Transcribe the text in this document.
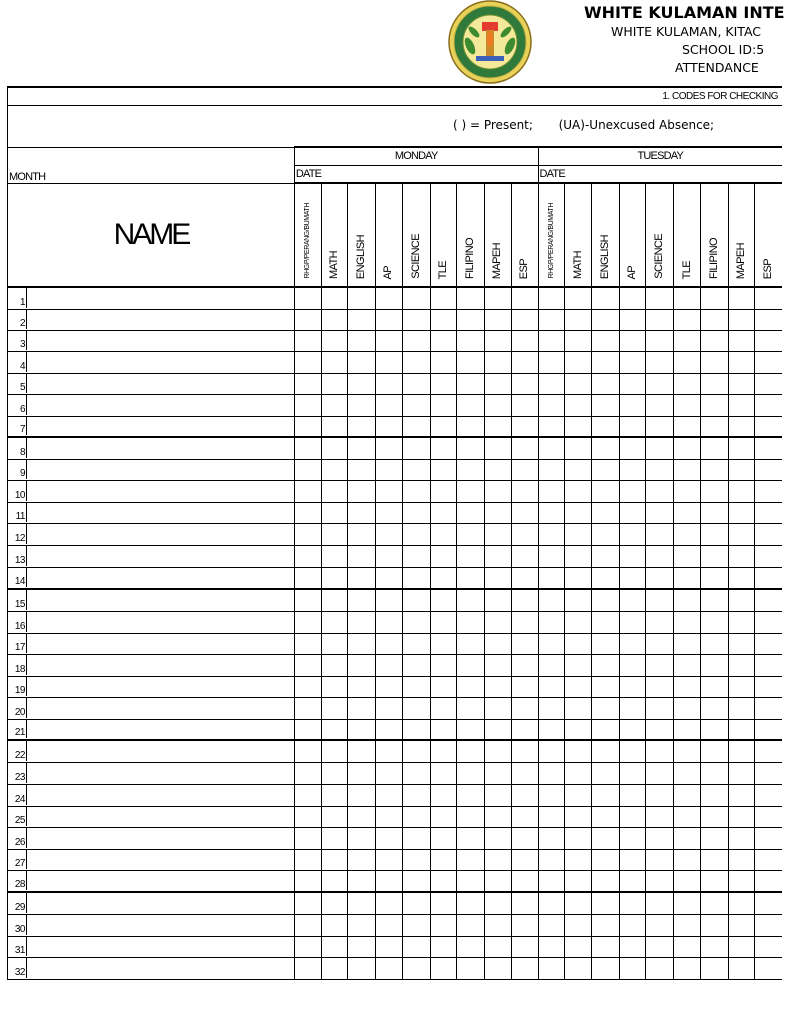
WHITE KULAMAN INTE
WHITE KULAMAN, KITAC
SCHOOL ID:5
ATTENDANCE
1. CODES FOR CHECKING																		
( ) = Present; (UA)-Unexcused Absence;																		
MONTH	MONDAY									TUESDAY								
	DATE									DATE								
NAME	RHGP/PERANG/BUMATH	MATH	ENGLISH	AP	SCIENCE	TLE	FILIPINO	MAPEH	ESP	RHGP/PERANG/BUMATH	MATH	ENGLISH	AP	SCIENCE	TLE	FILIPINO	MAPEH	ESP

1																		

2																		

3																		

4																		

5																		

6																		

7																		

8																		

9																		

10																		

11																		

12																		

13																		

14																		

15																		

16																		

17																		

18																		

19																		

20																		

21																		

22																		

23																		

24																		

25																		

26																		

27																		

28																		

29																		

30																		

31																		

32																		
